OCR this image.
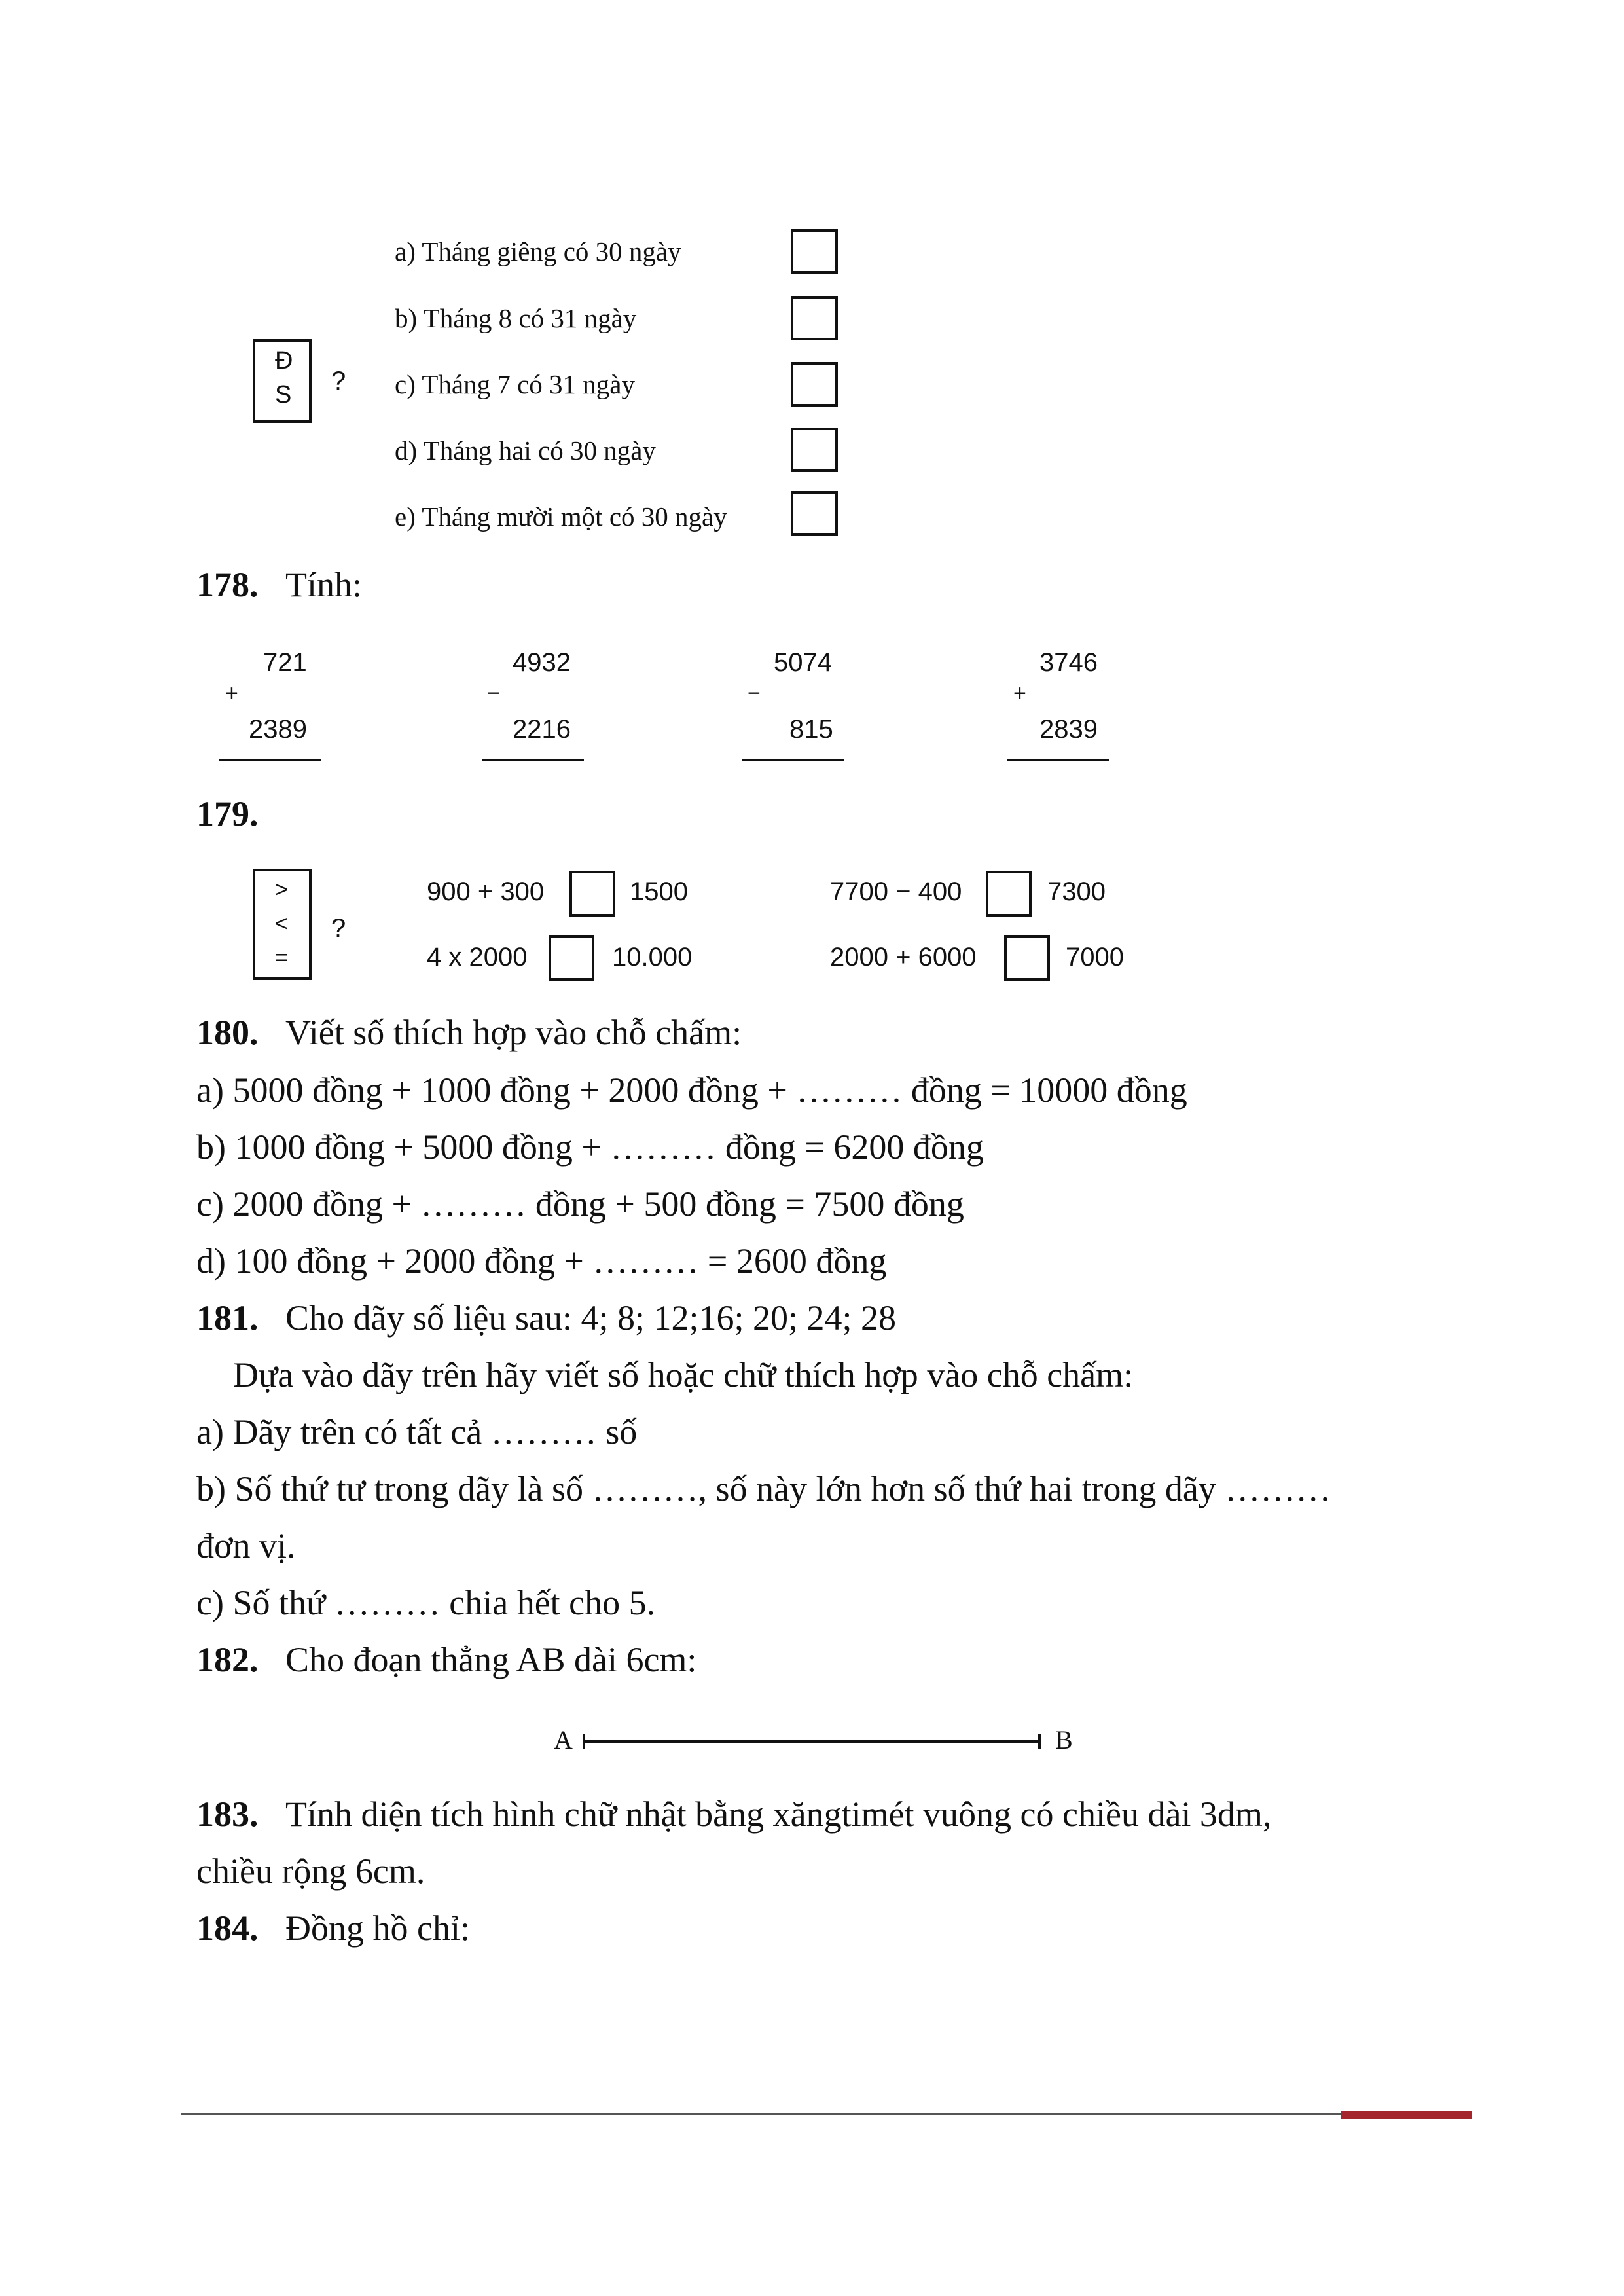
Đ
S ?
a) Tháng giêng có 30 ngày
b) Tháng 8 có 31 ngày
c) Tháng 7 có 31 ngày
d) Tháng hai có 30 ngày
e) Tháng mười một có 30 ngày
178. Tính:
721
+
2389
4932
−
2216
5074
−
815
3746
+
2839
179.
>
<
=
?
900 + 300	1500	7700 − 400	7300
4 x 2000	10.000	2000 + 6000	7000
180. Viết số thích hợp vào chỗ chấm:
a) 5000 đồng + 1000 đồng + 2000 đồng + ……… đồng = 10000 đồng
b) 1000 đồng + 5000 đồng + ……… đồng = 6200 đồng
c) 2000 đồng + ……… đồng + 500 đồng = 7500 đồng
d) 100 đồng + 2000 đồng + ……… = 2600 đồng
181. Cho dãy số liệu sau: 4; 8; 12;16; 20; 24; 28
Dựa vào dãy trên hãy viết số hoặc chữ thích hợp vào chỗ chấm:
a) Dãy trên có tất cả ……… số
b) Số thứ tư trong dãy là số ………, số này lớn hơn số thứ hai trong dãy ………
đơn vị.
c) Số thứ ……… chia hết cho 5.
182. Cho đoạn thẳng AB dài 6cm:
A	B
183. Tính diện tích hình chữ nhật bằng xăngtimét vuông có chiều dài 3dm,
chiều rộng 6cm.
184. Đồng hồ chỉ:
